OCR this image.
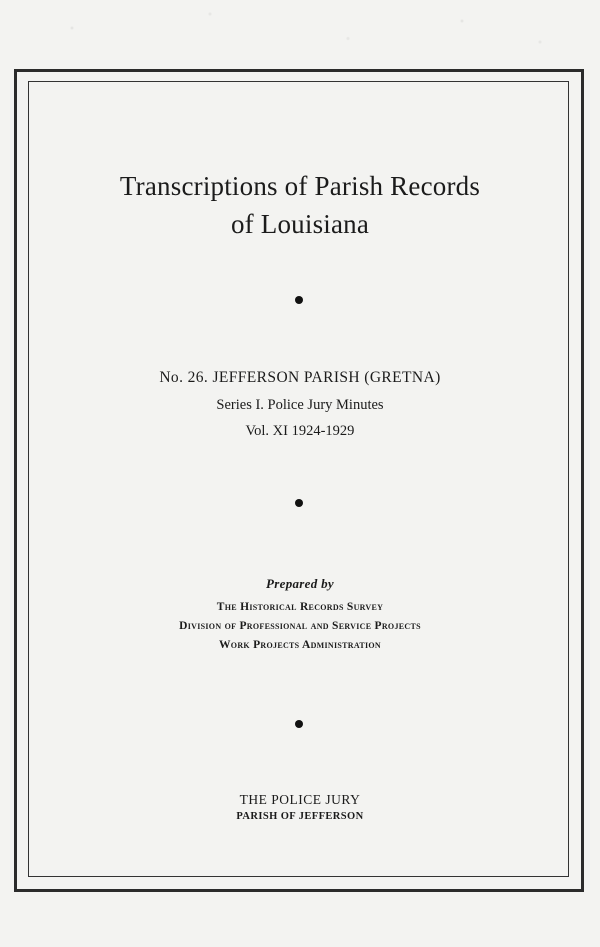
Transcriptions of Parish Records
of Louisiana
No. 26. JEFFERSON PARISH (GRETNA)
Series I. Police Jury Minutes
Vol. XI 1924-1929
Prepared by
The Historical Records Survey
Division of Professional and Service Projects
Work Projects Administration
THE POLICE JURY
PARISH OF JEFFERSON
